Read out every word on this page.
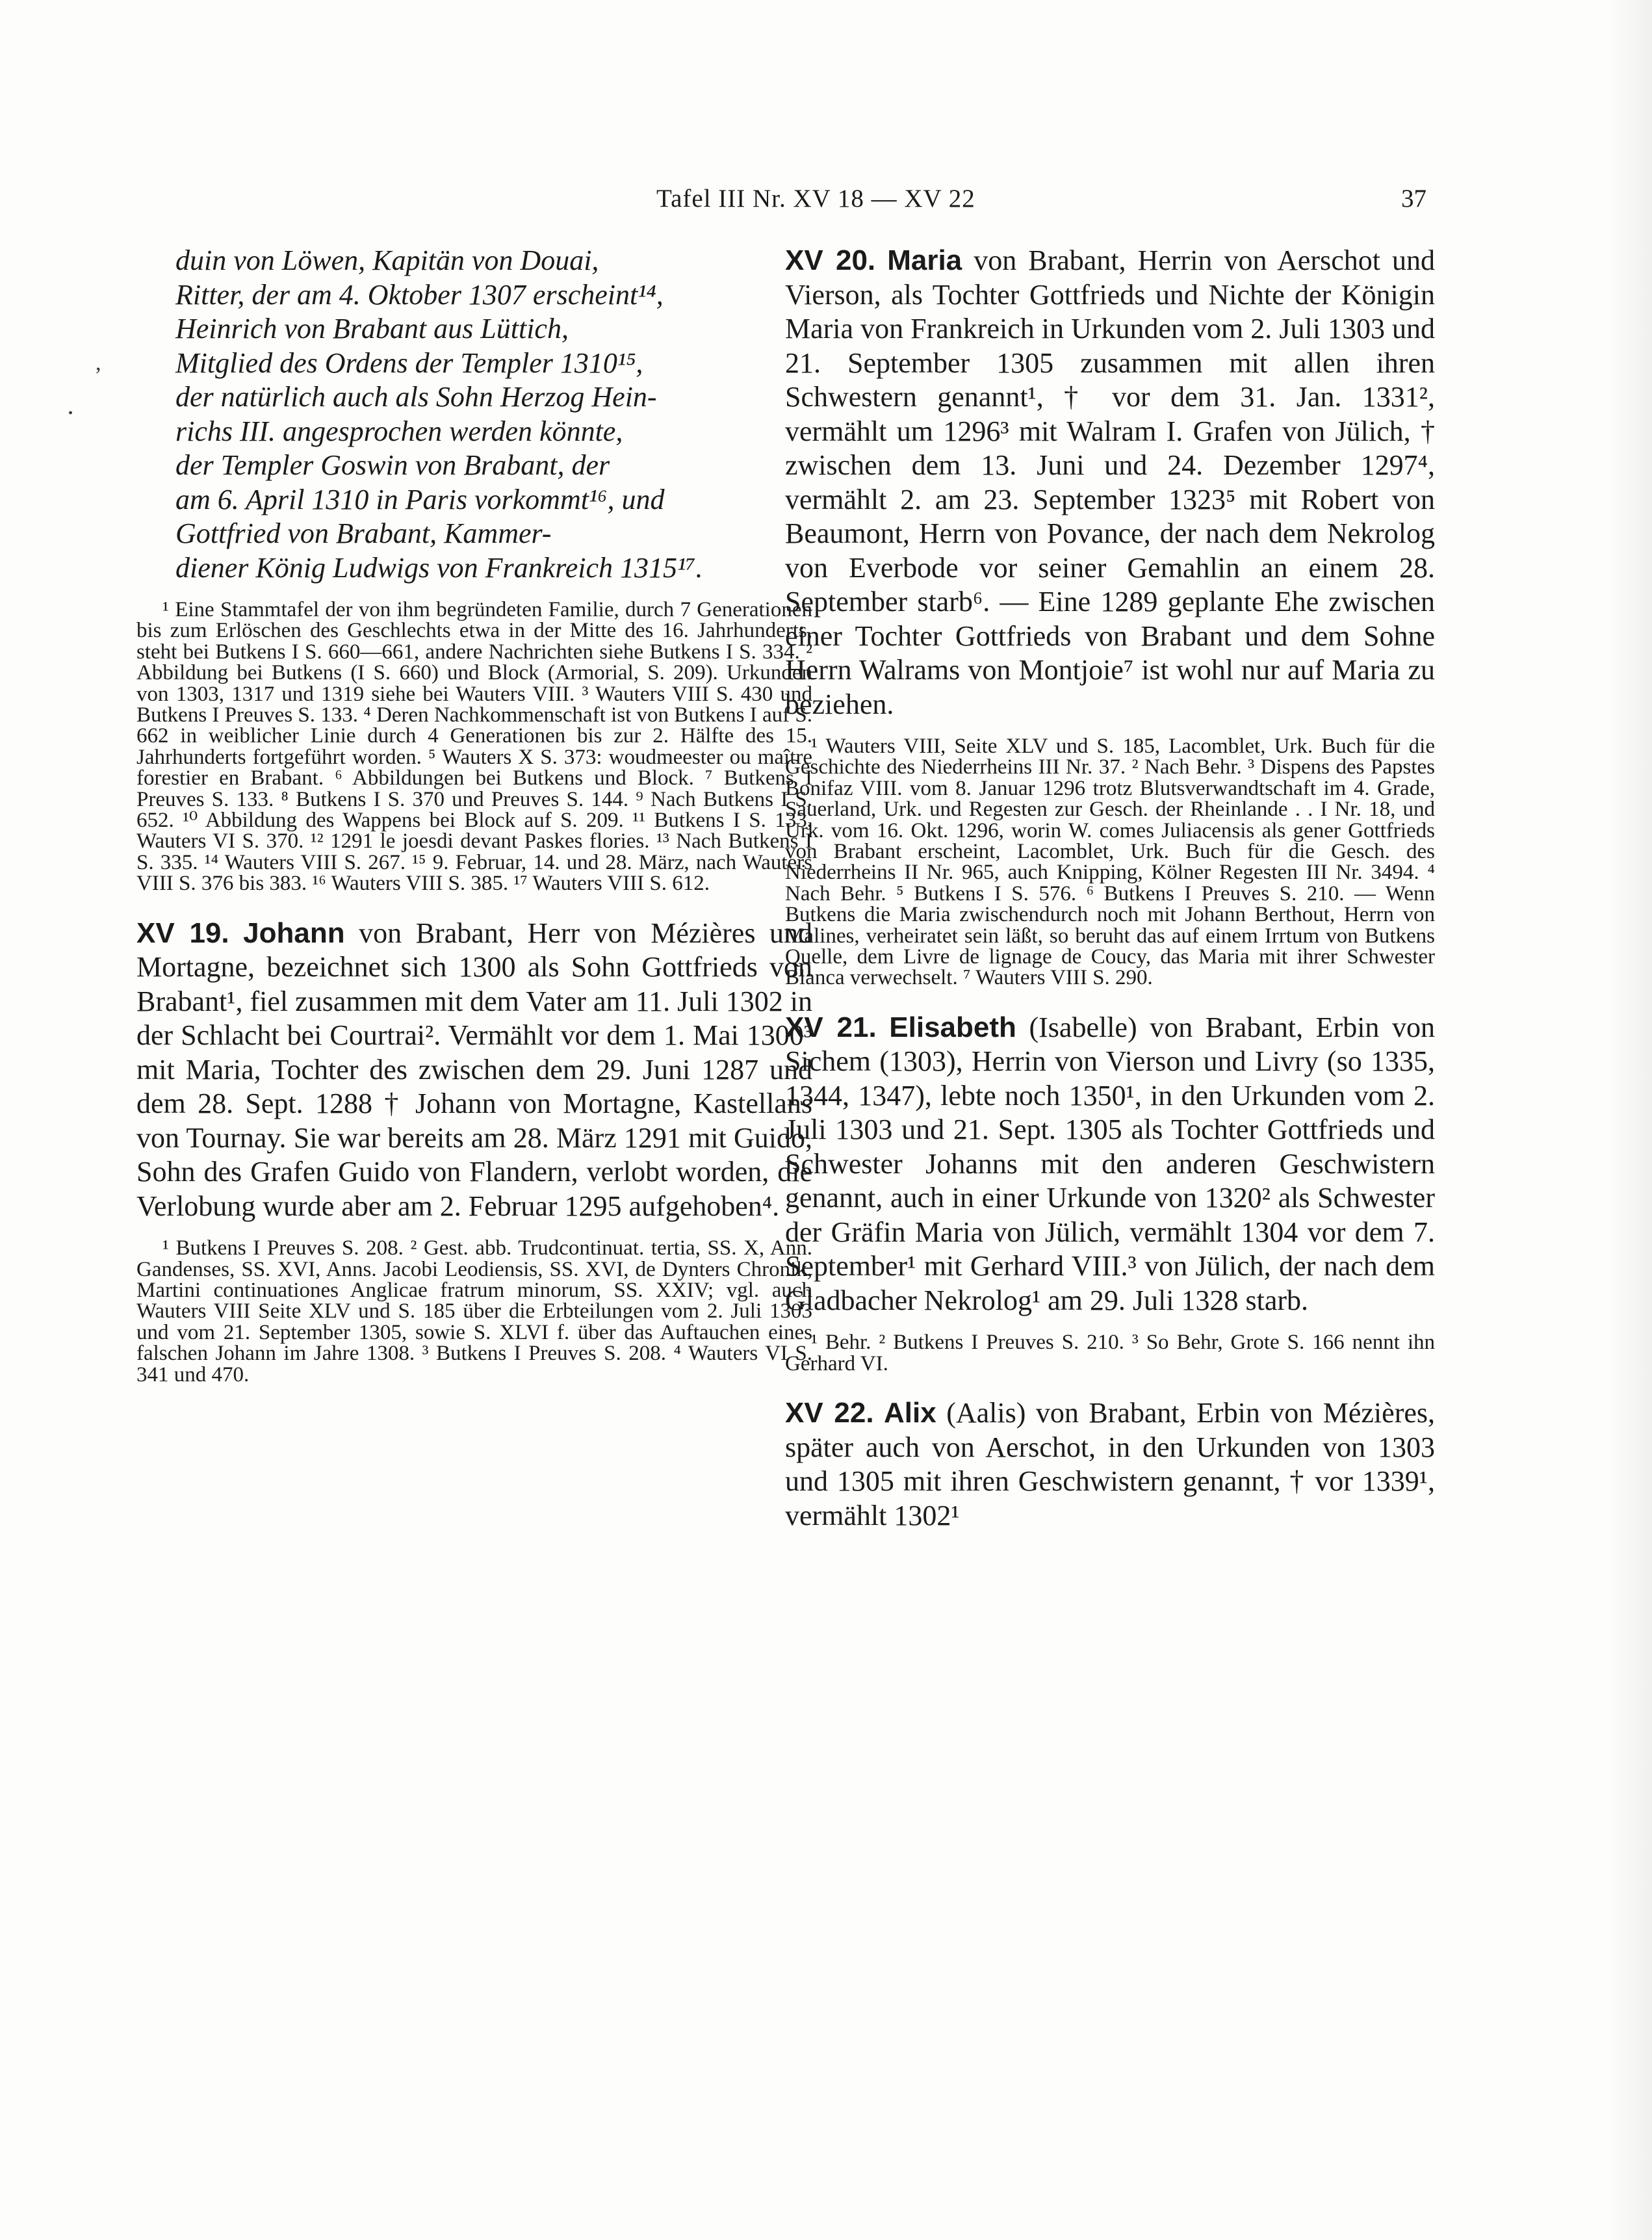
,
•
Tafel III Nr. XV 18 — XV 22	37
duin von Löwen, Kapitän von Douai,
Ritter, der am 4. Oktober 1307 erscheint¹⁴,
Heinrich von Brabant aus Lüttich,
Mitglied des Ordens der Templer 1310¹⁵,
der natürlich auch als Sohn Herzog Hein-
richs III. angesprochen werden könnte,
der Templer Goswin von Brabant, der
am 6. April 1310 in Paris vorkommt¹⁶, und
Gottfried von Brabant, Kammer-
diener König Ludwigs von Frankreich 1315¹⁷.

¹ Eine Stammtafel der von ihm begründeten Familie, durch 7 Generationen bis zum Erlöschen des Geschlechts etwa in der Mitte des 16. Jahrhunderts, steht bei Butkens I S. 660—661, andere Nachrichten siehe Butkens I S. 334. ² Abbildung bei Butkens (I S. 660) und Block (Armorial, S. 209). Urkunden von 1303, 1317 und 1319 siehe bei Wauters VIII. ³ Wauters VIII S. 430 und Butkens I Preuves S. 133. ⁴ Deren Nachkommenschaft ist von Butkens I auf S. 662 in weiblicher Linie durch 4 Generationen bis zur 2. Hälfte des 15. Jahrhunderts fortgeführt worden. ⁵ Wauters X S. 373: woudmeester ou maître forestier en Brabant. ⁶ Abbildungen bei Butkens und Block. ⁷ Butkens I Preuves S. 133. ⁸ Butkens I S. 370 und Preuves S. 144. ⁹ Nach Butkens I S. 652. ¹⁰ Abbildung des Wappens bei Block auf S. 209. ¹¹ Butkens I S. 133, Wauters VI S. 370. ¹² 1291 le joesdi devant Paskes flories. ¹³ Nach Butkens I S. 335. ¹⁴ Wauters VIII S. 267. ¹⁵ 9. Februar, 14. und 28. März, nach Wauters VIII S. 376 bis 383. ¹⁶ Wauters VIII S. 385. ¹⁷ Wauters VIII S. 612.

XV 19. Johann von Brabant, Herr von Mézières und Mortagne, bezeichnet sich 1300 als Sohn Gottfrieds von Brabant¹, fiel zusammen mit dem Vater am 11. Juli 1302 in der Schlacht bei Courtrai². Vermählt vor dem 1. Mai 1300³ mit Maria, Tochter des zwischen dem 29. Juni 1287 und dem 28. Sept. 1288 † Johann von Mortagne, Kastellans von Tournay. Sie war bereits am 28. März 1291 mit Guido, Sohn des Grafen Guido von Flandern, verlobt worden, die Verlobung wurde aber am 2. Februar 1295 aufgehoben⁴.

¹ Butkens I Preuves S. 208. ² Gest. abb. Trudcontinuat. tertia, SS. X, Ann. Gandenses, SS. XVI, Anns. Jacobi Leodiensis, SS. XVI, de Dynters Chronik, Martini continuationes Anglicae fratrum minorum, SS. XXIV; vgl. auch Wauters VIII Seite XLV und S. 185 über die Erbteilungen vom 2. Juli 1303 und vom 21. September 1305, sowie S. XLVI f. über das Auftauchen eines falschen Johann im Jahre 1308. ³ Butkens I Preuves S. 208. ⁴ Wauters VI S. 341 und 470.

XV 20. Maria von Brabant, Herrin von Aerschot und Vierson, als Tochter Gottfrieds und Nichte der Königin Maria von Frankreich in Urkunden vom 2. Juli 1303 und 21. September 1305 zusammen mit allen ihren Schwestern genannt¹, † vor dem 31. Jan. 1331², vermählt um 1296³ mit Walram I. Grafen von Jülich, † zwischen dem 13. Juni und 24. Dezember 1297⁴, vermählt 2. am 23. September 1323⁵ mit Robert von Beaumont, Herrn von Povance, der nach dem Nekrolog von Everbode vor seiner Gemahlin an einem 28. September starb⁶. — Eine 1289 geplante Ehe zwischen einer Tochter Gottfrieds von Brabant und dem Sohne Herrn Walrams von Montjoie⁷ ist wohl nur auf Maria zu beziehen.

¹ Wauters VIII, Seite XLV und S. 185, Lacomblet, Urk. Buch für die Geschichte des Niederrheins III Nr. 37. ² Nach Behr. ³ Dispens des Papstes Bonifaz VIII. vom 8. Januar 1296 trotz Blutsverwandtschaft im 4. Grade, Sauerland, Urk. und Regesten zur Gesch. der Rheinlande . . I Nr. 18, und Urk. vom 16. Okt. 1296, worin W. comes Juliacensis als gener Gottfrieds von Brabant erscheint, Lacomblet, Urk. Buch für die Gesch. des Niederrheins II Nr. 965, auch Knipping, Kölner Regesten III Nr. 3494. ⁴ Nach Behr. ⁵ Butkens I S. 576. ⁶ Butkens I Preuves S. 210. — Wenn Butkens die Maria zwischendurch noch mit Johann Berthout, Herrn von Malines, verheiratet sein läßt, so beruht das auf einem Irrtum von Butkens Quelle, dem Livre de lignage de Coucy, das Maria mit ihrer Schwester Blanca verwechselt. ⁷ Wauters VIII S. 290.

XV 21. Elisabeth (Isabelle) von Brabant, Erbin von Sichem (1303), Herrin von Vierson und Livry (so 1335, 1344, 1347), lebte noch 1350¹, in den Urkunden vom 2. Juli 1303 und 21. Sept. 1305 als Tochter Gottfrieds und Schwester Johanns mit den anderen Geschwistern genannt, auch in einer Urkunde von 1320² als Schwester der Gräfin Maria von Jülich, vermählt 1304 vor dem 7. September¹ mit Gerhard VIII.³ von Jülich, der nach dem Gladbacher Nekrolog¹ am 29. Juli 1328 starb.

¹ Behr. ² Butkens I Preuves S. 210. ³ So Behr, Grote S. 166 nennt ihn Gerhard VI.

XV 22. Alix (Aalis) von Brabant, Erbin von Mézières, später auch von Aerschot, in den Urkunden von 1303 und 1305 mit ihren Geschwistern genannt, † vor 1339¹, vermählt 1302¹
